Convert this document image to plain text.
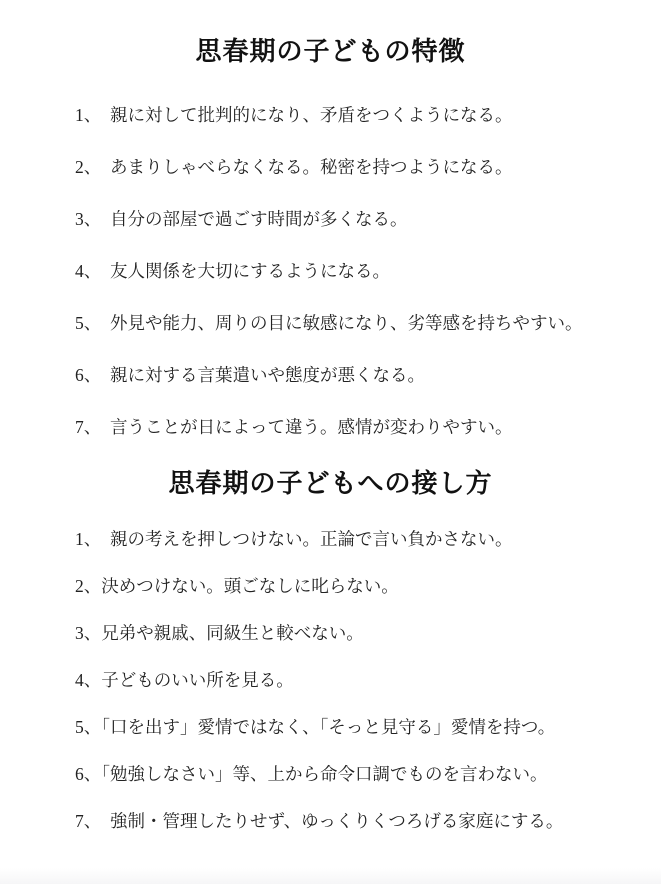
思春期の子どもの特徴

1、　親に対して批判的になり、矛盾をつくようになる。

2、　あまりしゃべらなくなる。秘密を持つようになる。

3、　自分の部屋で過ごす時間が多くなる。

4、　友人関係を大切にするようになる。

5、　外見や能力、周りの目に敏感になり、劣等感を持ちやすい。

6、　親に対する言葉遣いや態度が悪くなる。

7、　言うことが日によって違う。感情が変わりやすい。

思春期の子どもへの接し方

1、　親の考えを押しつけない。正論で言い負かさない。

2、決めつけない。頭ごなしに叱らない。

3、兄弟や親戚、同級生と較べない。

4、子どものいい所を見る。

5、「口を出す」愛情ではなく、「そっと見守る」愛情を持つ。

6、「勉強しなさい」等、上から命令口調でものを言わない。

7、　強制・管理したりせず、ゆっくりくつろげる家庭にする。
